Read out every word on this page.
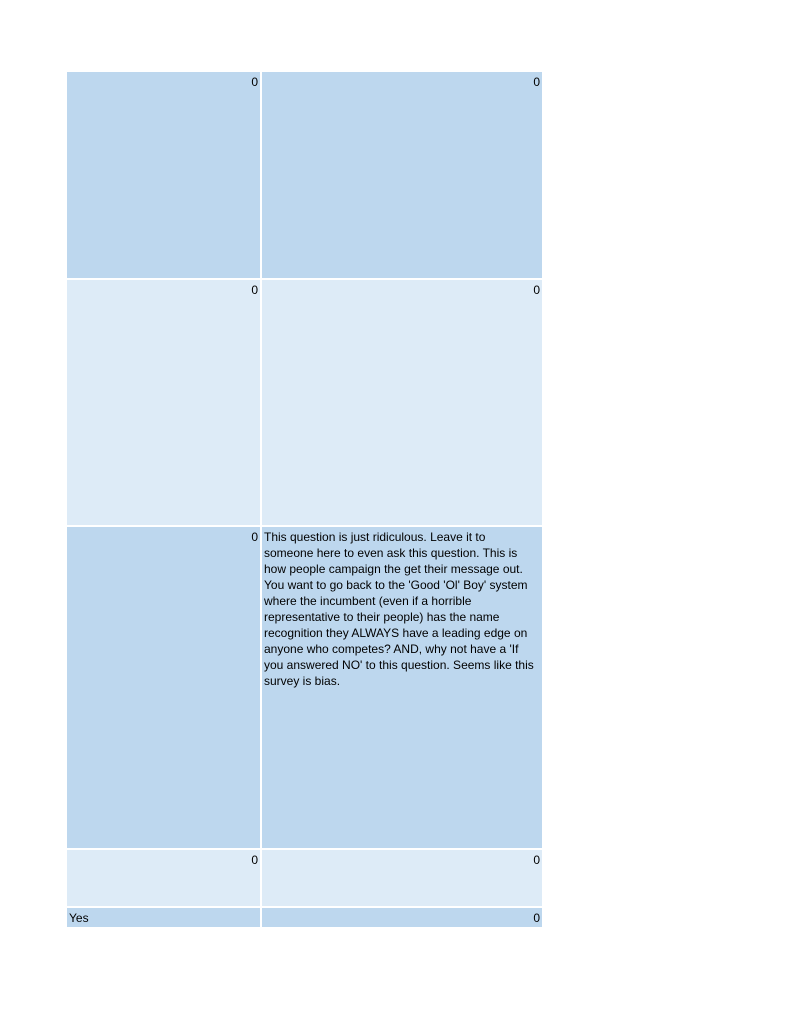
0	0
0	0
0 This question is just ridiculous. Leave it to someone here to even ask this question. This is how people campaign the get their message out. You want to go back to the 'Good 'Ol' Boy' system where the incumbent (even if a horrible representative to their people) has the name recognition they ALWAYS have a leading edge on anyone who competes? AND, why not have a 'If you answered NO' to this question. Seems like this survey is bias.
0	0
Yes	0
